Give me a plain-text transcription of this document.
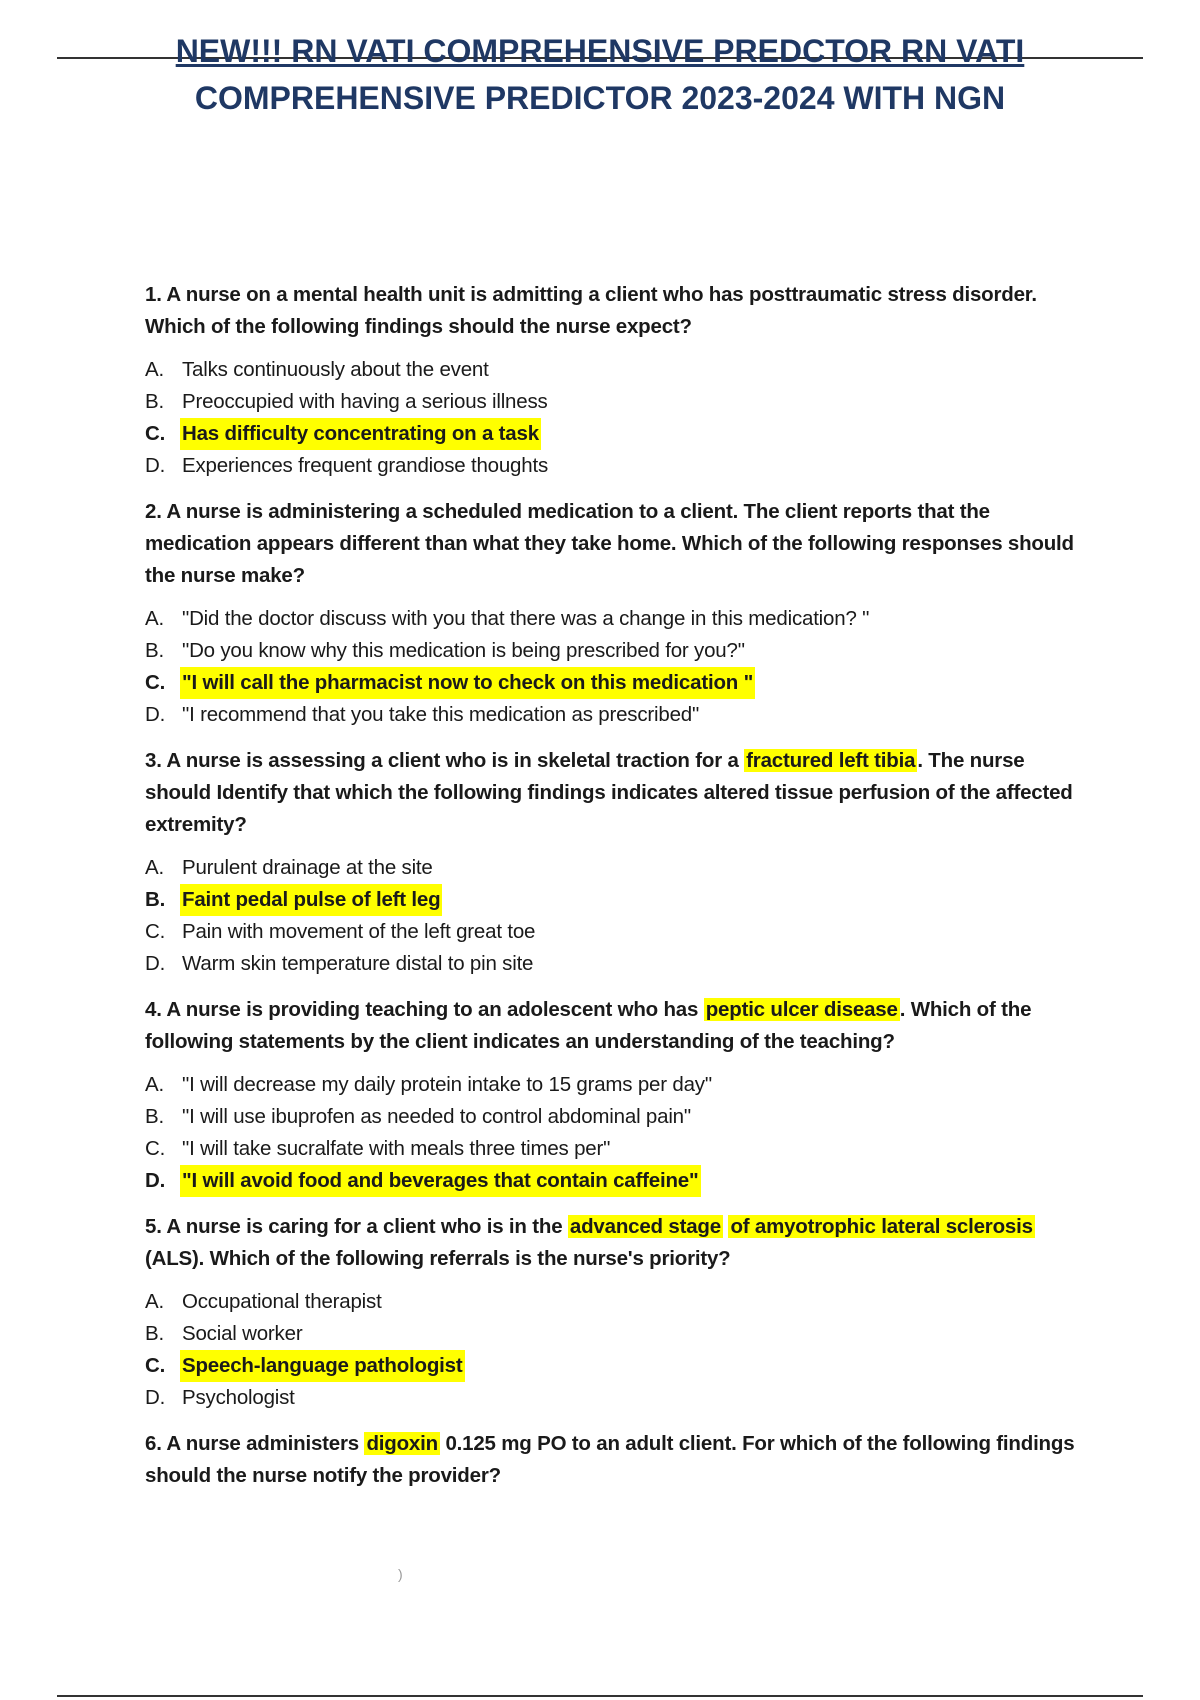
NEW!!! RN VATI COMPREHENSIVE PREDCTOR RN VATI
COMPREHENSIVE PREDICTOR 2023-2024 WITH NGN

1. A nurse on a mental health unit is admitting a client who has posttraumatic stress disorder. Which of the following findings should the nurse expect?

A. Talks continuously about the event
B. Preoccupied with having a serious illness
C. Has difficulty concentrating on a task
D. Experiences frequent grandiose thoughts

2. A nurse is administering a scheduled medication to a client. The client reports that the medication appears different than what they take home. Which of the following responses should the nurse make?

A. "Did the doctor discuss with you that there was a change in this medication? "
B. "Do you know why this medication is being prescribed for you?"
C. "I will call the pharmacist now to check on this medication "
D. "I recommend that you take this medication as prescribed"

3. A nurse is assessing a client who is in skeletal traction for a fractured left tibia. The nurse should Identify that which the following findings indicates altered tissue perfusion of the affected extremity?

A. Purulent drainage at the site
B. Faint pedal pulse of left leg
C. Pain with movement of the left great toe
D. Warm skin temperature distal to pin site

4. A nurse is providing teaching to an adolescent who has peptic ulcer disease. Which of the following statements by the client indicates an understanding of the teaching?

A. "I will decrease my daily protein intake to 15 grams per day"
B. "I will use ibuprofen as needed to control abdominal pain"
C. "I will take sucralfate with meals three times per"
D. "I will avoid food and beverages that contain caffeine"

5. A nurse is caring for a client who is in the advanced stage of amyotrophic lateral sclerosis (ALS). Which of the following referrals is the nurse's priority?

A. Occupational therapist
B. Social worker
C. Speech-language pathologist
D. Psychologist

6. A nurse administers digoxin 0.125 mg PO to an adult client. For which of the following findings should the nurse notify the provider?

)
